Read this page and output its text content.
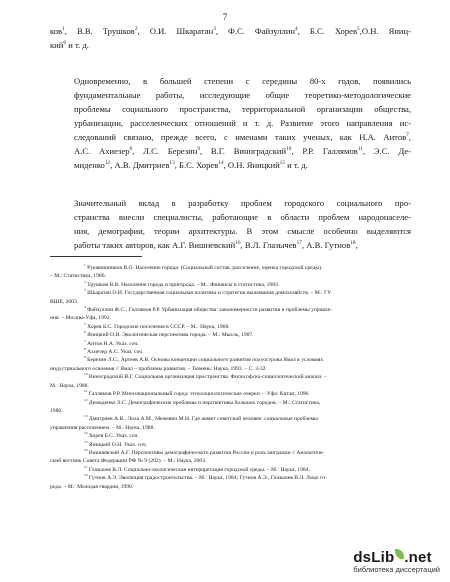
7
ков$^1$, В.В. Трушков$^2$, О.И. Шкаратан$^3$, Ф.С. Файзуллин$^4$, Б.С. Хорев$^5$,О.Н. Яниц-
кий$^6$ и т. д.
Одновременно, в большей степени с середины 80-х годов, появились
фундаментальные работы, исследующие общие теоретико-методологические
проблемы социального пространства, территориальной организации общества,
урбанизации, расселенческих отношений и т. д. Развитие этого направления ис-
следований связано, прежде всего, с именами таких ученых, как Н.А. Аитов$^7$,
А.С. Ахиезер$^8$, Л.С. Березин$^9$, В.Г. Виноградский$^{10}$, Р.Р. Галлямов$^{11}$, Э.С. Де-
миденко$^{12}$, А.В. Дмитриев$^{13}$, Б.С. Хорев$^{14}$, О.Н. Яницкий$^{15}$ и т. д.
Значительный вклад в разработку проблем городского социального про-
странства внесли специалисты, работающие в области проблем народонаселе-
ния, демографии, теории архитектуры. В этом смысле особенно выделяются
работы таких авторов, как А.Г. Вишневский$^{16}$, В.Л. Глазычев$^{17}$, А.В. Гутнов$^{18}$,
$^1$ Рукавишников В.О. Население города: (Социальный состав, расселение, оценка городской среды).
– М.: Статистика, 1980.
$^2$ Трушков В.В. Население города и пригорода. – М.: Финансы и статистика, 1983.
$^3$ Шкаратан О.И. Государственная социальная политика и стратегии выживания домохозяйств. – М.: ГУ
ВШЕ, 2003.
$^4$ Файзуллин Ф.С., Галлямов Р.Р. Урбанизация общества: закономерности развития и проблемы управле-
ния. – Москва-Уфа, 1992.
$^5$ Хорев Б.С. Городские поселения в СССР. – М.: Наука, 1968.
$^6$ Яницкий О.Н. Экологическая перспектива города. – М.: Мысль, 1987.
$^7$ Аитов Н.А. Указ. соч.
$^8$ Ахиезер А.С. Указ. соч.
$^9$ Березин Л.С., Артеев А.В. Основы концепции социального развития полуострова Ямал в условиях
индустриального освоения // Ямал – проблемы развития. – Тюмень: Наука, 1993. – С. 3-32.
$^{10}$ Виноградский В.Г. Социальная организация пространства. Философско-социологический анализ. –
М.: Наука, 1988.
$^{11}$ Галлямов Р.Р. Многонациональный город: этносоциологические очерки. – Уфа: Китап, 1996.
$^{12}$ Демиденко Э.С. Демографические проблемы и перспективы больших городов. – М.: Статистика,
1980.
$^{13}$ Дмитриев А.В., Лола А.М., Межевич М.Н. Где живет советский человек: социальные проблемы
управления расселением. – М.: Наука, 1988.
$^{14}$ Хорев Б.С. Указ. соч.
$^{15}$ Яницкий О.Н. Указ. соч.
$^{16}$ Вишневский А.Г. Перспективы демографического развития России и роль миграции // Аналитиче-
ский вестник Совета Федерации РФ № 9 (202). – М.: Наука, 2003.
$^{17}$ Глазычев В.Л. Социально-экологическая интерпретация городской среды. – М.: Наука, 1984.
$^{18}$ Гутнов А.Э. Эволюция градостроительства. – М.: Наука, 1984; Гутнов А.Э., Глазычев В.Л. Лицо го-
рода. – М.: Молодая гвардия, 1990.
dsLib .net
библиотека диссертаций
